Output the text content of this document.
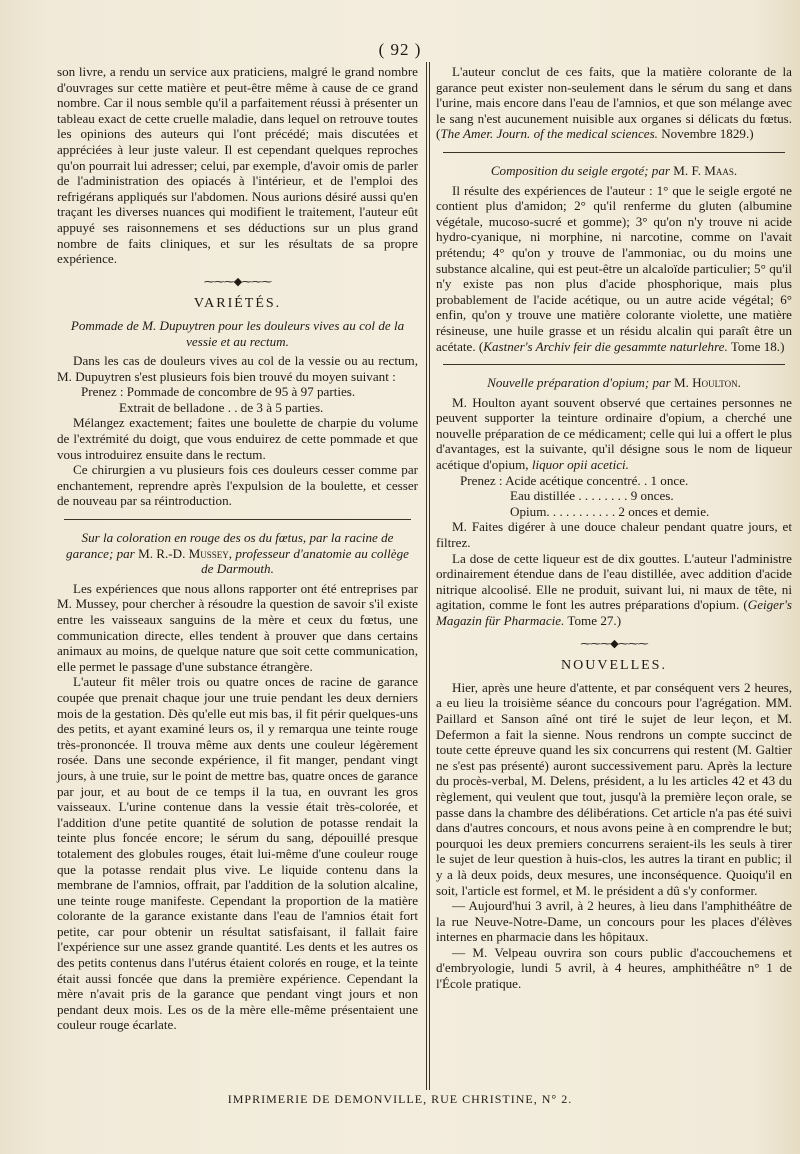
( 92 )

son livre, a rendu un service aux praticiens, malgré le grand nombre d'ouvrages sur cette matière et peut-être même à cause de ce grand nombre. Car il nous semble qu'il a parfaitement réussi à présenter un tableau exact de cette cruelle maladie, dans lequel on retrouve toutes les opinions des auteurs qui l'ont précédé; mais discutées et appréciées à leur juste valeur. Il est cependant quelques reproches qu'on pourrait lui adresser; celui, par exemple, d'avoir omis de parler de l'administration des opiacés à l'intérieur, et de l'emploi des refrigérans appliqués sur l'abdomen. Nous aurions désiré aussi qu'en traçant les diverses nuances qui modifient le traitement, l'auteur eût appuyé ses raisonnemens et ses déductions sur un plus grand nombre de faits cliniques, et sur les résultats de sa propre expérience.

⁓⁓⁓◆⁓⁓⁓
VARIÉTÉS.

Pommade de M. Dupuytren pour les douleurs vives au col de la vessie et au rectum.

Dans les cas de douleurs vives au col de la vessie ou au rectum, M. Dupuytren s'est plusieurs fois bien trouvé du moyen suivant :

Prenez : Pommade de concombre de 95 à 97 parties.
Extrait de belladone . . de 3 à 5 parties.

Mélangez exactement; faites une boulette de charpie du volume de l'extrémité du doigt, que vous enduirez de cette pommade et que vous introduirez ensuite dans le rectum.

Ce chirurgien a vu plusieurs fois ces douleurs cesser comme par enchantement, reprendre après l'expulsion de la boulette, et cesser de nouveau par sa réintroduction.

Sur la coloration en rouge des os du fœtus, par la racine de garance; par M. R.-D. Mussey, professeur d'anatomie au collège de Darmouth.

Les expériences que nous allons rapporter ont été entreprises par M. Mussey, pour chercher à résoudre la question de savoir s'il existe entre les vaisseaux sanguins de la mère et ceux du fœtus, une communication directe, elles tendent à prouver que dans certains animaux au moins, de quelque nature que soit cette communication, elle permet le passage d'une substance étrangère.

L'auteur fit mêler trois ou quatre onces de racine de garance coupée que prenait chaque jour une truie pendant les deux derniers mois de la gestation. Dès qu'elle eut mis bas, il fit périr quelques-uns des petits, et ayant examiné leurs os, il y remarqua une teinte rouge très-prononcée. Il trouva même aux dents une couleur légèrement rosée. Dans une seconde expérience, il fit manger, pendant vingt jours, à une truie, sur le point de mettre bas, quatre onces de garance par jour, et au bout de ce temps il la tua, en ouvrant les gros vaisseaux. L'urine contenue dans la vessie était très-colorée, et l'addition d'une petite quantité de solution de potasse rendait la teinte plus foncée encore; le sérum du sang, dépouillé presque totalement des globules rouges, était lui-même d'une couleur rouge que la potasse rendait plus vive. Le liquide contenu dans la membrane de l'amnios, offrait, par l'addition de la solution alcaline, une teinte rouge manifeste. Cependant la proportion de la matière colorante de la garance existante dans l'eau de l'amnios était fort petite, car pour obtenir un résultat satisfaisant, il fallait faire l'expérience sur une assez grande quantité. Les dents et les autres os des petits contenus dans l'utérus étaient colorés en rouge, et la teinte était aussi foncée que dans la première expérience. Cependant la mère n'avait pris de la garance que pendant vingt jours et non pendant deux mois. Les os de la mère elle-même présentaient une couleur rouge écarlate.

L'auteur conclut de ces faits, que la matière colorante de la garance peut exister non-seulement dans le sérum du sang et dans l'urine, mais encore dans l'eau de l'amnios, et que son mélange avec le sang n'est aucunement nuisible aux organes si délicats du fœtus. (The Amer. Journ. of the medical sciences. Novembre 1829.)

Composition du seigle ergoté; par M. F. Maas.

Il résulte des expériences de l'auteur : 1° que le seigle ergoté ne contient plus d'amidon; 2° qu'il renferme du gluten (albumine végétale, mucoso-sucré et gomme); 3° qu'on n'y trouve ni acide hydro-cyanique, ni morphine, ni narcotine, comme on l'avait prétendu; 4° qu'on y trouve de l'ammoniac, ou du moins une substance alcaline, qui est peut-être un alcaloïde particulier; 5° qu'il n'y existe pas non plus d'acide phosphorique, mais plus probablement de l'acide acétique, ou un autre acide végétal; 6° enfin, qu'on y trouve une matière colorante violette, une matière résineuse, une huile grasse et un résidu alcalin qui paraît être un acétate. (Kastner's Archiv feir die gesammte naturlehre. Tome 18.)

Nouvelle préparation d'opium; par M. Houlton.

M. Houlton ayant souvent observé que certaines personnes ne peuvent supporter la teinture ordinaire d'opium, a cherché une nouvelle préparation de ce médicament; celle qui lui a offert le plus d'avantages, est la suivante, qu'il désigne sous le nom de liqueur acétique d'opium, liquor opii acetici.

Prenez : Acide acétique concentré. . 1 once.
Eau distillée . . . . . . . . 9 onces.
Opium. . . . . . . . . . . 2 onces et demie.

M. Faites digérer à une douce chaleur pendant quatre jours, et filtrez.

La dose de cette liqueur est de dix gouttes. L'auteur l'administre ordinairement étendue dans de l'eau distillée, avec addition d'acide nitrique alcoolisé. Elle ne produit, suivant lui, ni maux de tête, ni agitation, comme le font les autres préparations d'opium. (Geiger's Magazin für Pharmacie. Tome 27.)

⁓⁓⁓◆⁓⁓⁓
NOUVELLES.

Hier, après une heure d'attente, et par conséquent vers 2 heures, a eu lieu la troisième séance du concours pour l'agrégation. MM. Paillard et Sanson aîné ont tiré le sujet de leur leçon, et M. Defermon a fait la sienne. Nous rendrons un compte succinct de toute cette épreuve quand les six concurrens qui restent (M. Galtier ne s'est pas présenté) auront successivement paru. Après la lecture du procès-verbal, M. Delens, président, a lu les articles 42 et 43 du règlement, qui veulent que tout, jusqu'à la première leçon orale, se passe dans la chambre des délibérations. Cet article n'a pas été suivi dans d'autres concours, et nous avons peine à en comprendre le but; pourquoi les deux premiers concurrens seraient-ils les seuls à tirer le sujet de leur question à huis-clos, les autres la tirant en public; il y a là deux poids, deux mesures, une inconséquence. Quoiqu'il en soit, l'article est formel, et M. le président a dû s'y conformer.

— Aujourd'hui 3 avril, à 2 heures, à lieu dans l'amphithéâtre de la rue Neuve-Notre-Dame, un concours pour les places d'élèves internes en pharmacie dans les hôpitaux.

— M. Velpeau ouvrira son cours public d'accouchemens et d'embryologie, lundi 5 avril, à 4 heures, amphithéâtre n° 1 de l'École pratique.

IMPRIMERIE DE DEMONVILLE, RUE CHRISTINE, N° 2.
